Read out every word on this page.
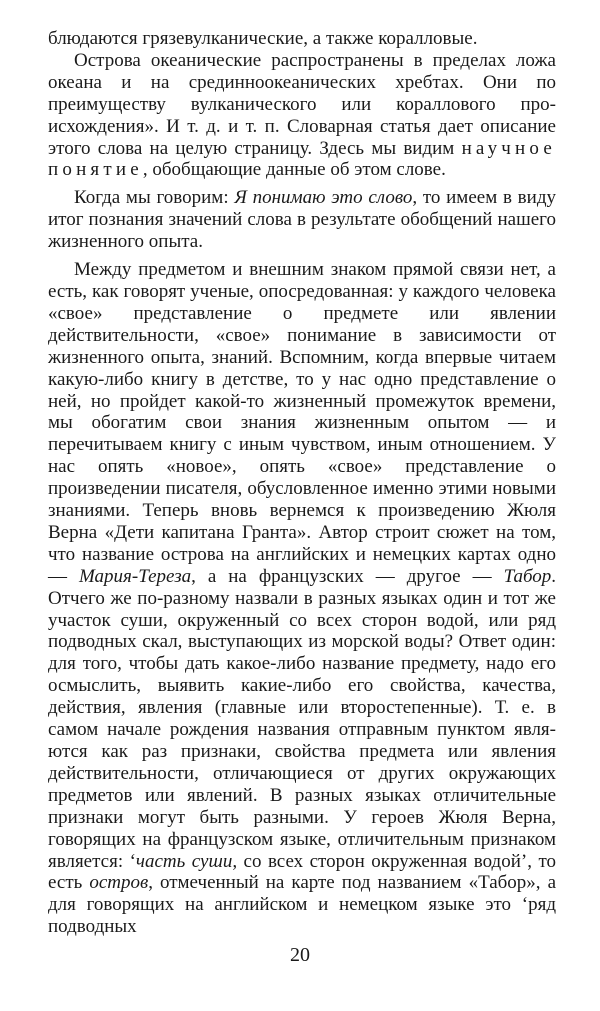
блюдаются грязевулканические, а также коралловые.

Острова океанические распространены в пределах ложа океана и на срединноокеанических хребтах. Они по преимуществу вулканического или кораллового происхождения». И т. д. и т. п. Словарная статья дает описание этого слова на целую страницу. Здесь мы видим научное понятие, обобщающие данные об этом слове.

Когда мы говорим: Я понимаю это слово, то имеем в виду итог познания значений слова в результате обобщений нашего жизненного опыта.

Между предметом и внешним знаком прямой связи нет, а есть, как говорят ученые, опосредованная: у каждого человека «свое» представление о предмете или явлении действительности, «свое» понимание в зависимости от жизненного опыта, знаний. Вспомним, когда впервые читаем какую-либо книгу в детстве, то у нас одно представление о ней, но пройдет какой-то жизненный промежуток времени, мы обогатим свои знания жизненным опытом — и перечитываем книгу с иным чувством, иным отношением. У нас опять «новое», опять «свое» представление о произведении писателя, обусловленное именно этими новыми знаниями. Теперь вновь вернемся к произведению Жюля Верна «Дети капитана Гранта». Автор строит сюжет на том, что название острова на английских и немецких картах одно — Мария-Тереза, а на французских — другое — Табор. Отчего же по-разному назвали в разных языках один и тот же участок суши, окруженный со всех сторон водой, или ряд подводных скал, выступающих из морской воды? Ответ один: для того, чтобы дать какое-либо название предмету, надо его осмыслить, выявить какие-либо его свойства, качества, действия, явления (главные или второстепенные). Т. е. в самом начале рождения названия отправным пунктом являются как раз признаки, свойства предмета или явления действительности, отличающиеся от других окружающих предметов или явлений. В разных языках отличительные признаки могут быть разными. У героев Жюля Верна, говорящих на французском языке, отличительным признаком является: ‘часть суши, со всех сторон окруженная водой’, то есть остров, отмеченный на карте под названием «Табор», а для говорящих на английском и немецком языке это ‘ряд подводных

20
